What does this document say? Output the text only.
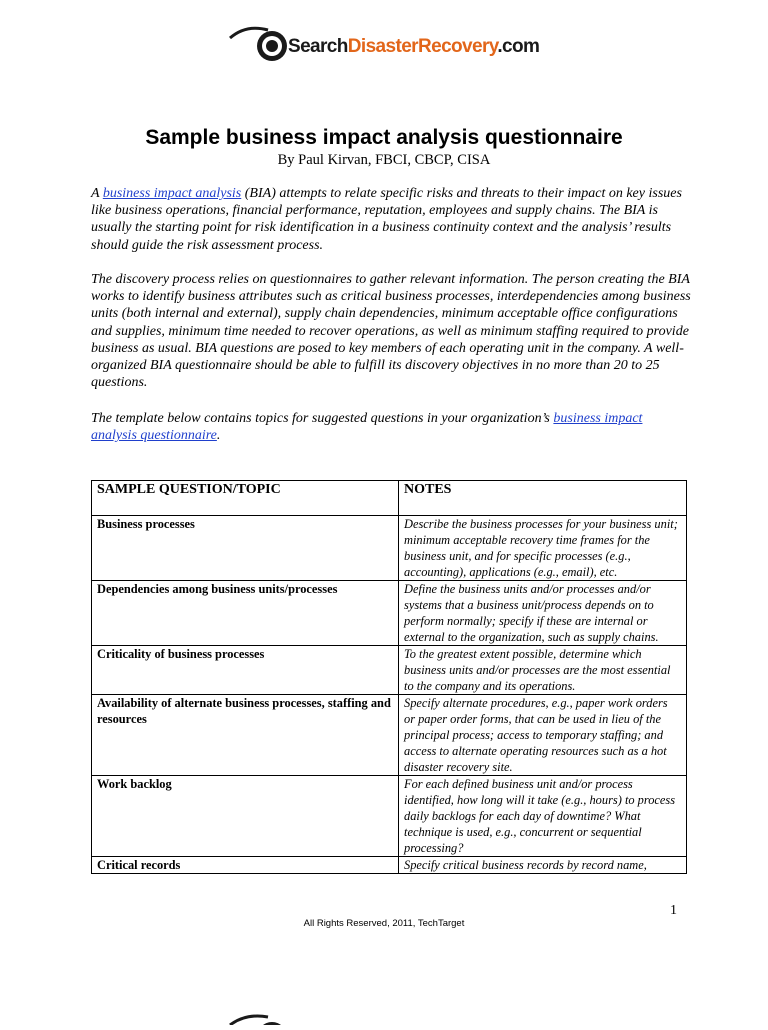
SearchDisasterRecovery.com
Sample business impact analysis questionnaire
By Paul Kirvan, FBCI, CBCP, CISA

A business impact analysis (BIA) attempts to relate specific risks and threats to their impact on key issues like business operations, financial performance, reputation, employees and supply chains. The BIA is usually the starting point for risk identification in a business continuity context and the analysis’ results should guide the risk assessment process.

The discovery process relies on questionnaires to gather relevant information. The person creating the BIA works to identify business attributes such as critical business processes, interdependencies among business units (both internal and external), supply chain dependencies, minimum acceptable office configurations and supplies, minimum time needed to recover operations, as well as minimum staffing required to provide business as usual. BIA questions are posed to key members of each operating unit in the company. A well-organized BIA questionnaire should be able to fulfill its discovery objectives in no more than 20 to 25 questions.

The template below contains topics for suggested questions in your organization’s business impact analysis questionnaire.

SAMPLE QUESTION/TOPIC	NOTES
Business processes	Describe the business processes for your business unit; minimum acceptable recovery time frames for the business unit, and for specific processes (e.g., accounting), applications (e.g., email), etc.
Dependencies among business units/processes	Define the business units and/or processes and/or systems that a business unit/process depends on to perform normally; specify if these are internal or external to the organization, such as supply chains.
Criticality of business processes	To the greatest extent possible, determine which business units and/or processes are the most essential to the company and its operations.
Availability of alternate business processes, staffing and resources	Specify alternate procedures, e.g., paper work orders or paper order forms, that can be used in lieu of the principal process; access to temporary staffing; and access to alternate operating resources such as a hot disaster recovery site.
Work backlog	For each defined business unit and/or process identified, how long will it take (e.g., hours) to process daily backlogs for each day of downtime? What technique is used, e.g., concurrent or sequential processing?
Critical records	Specify critical business records by record name,
1
All Rights Reserved, 2011, TechTarget
